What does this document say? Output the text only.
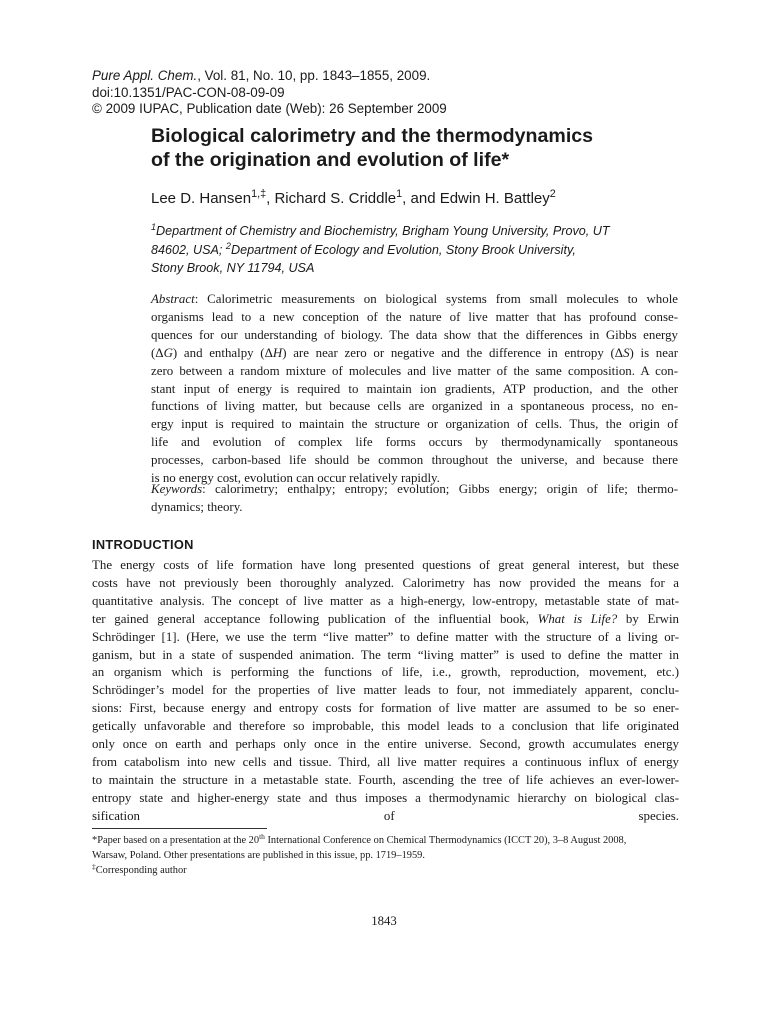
Pure Appl. Chem., Vol. 81, No. 10, pp. 1843–1855, 2009.
doi:10.1351/PAC-CON-08-09-09
© 2009 IUPAC, Publication date (Web): 26 September 2009
Biological calorimetry and the thermodynamics
of the origination and evolution of life*
Lee D. Hansen$^{1,\ddagger}$, Richard S. Criddle$^1$, and Edwin H. Battley$^2$
$^1$Department of Chemistry and Biochemistry, Brigham Young University, Provo, UT
84602, USA; $^2$Department of Ecology and Evolution, Stony Brook University,
Stony Brook, NY 11794, USA
Abstract: Calorimetric measurements on biological systems from small molecules to whole
organisms lead to a new conception of the nature of live matter that has profound conse-
quences for our understanding of biology. The data show that the differences in Gibbs energy
(ΔG) and enthalpy (ΔH) are near zero or negative and the difference in entropy (ΔS) is near
zero between a random mixture of molecules and live matter of the same composition. A con-
stant input of energy is required to maintain ion gradients, ATP production, and the other
functions of living matter, but because cells are organized in a spontaneous process, no en-
ergy input is required to maintain the structure or organization of cells. Thus, the origin of
life and evolution of complex life forms occurs by thermodynamically spontaneous
processes, carbon-based life should be common throughout the universe, and because there
is no energy cost, evolution can occur relatively rapidly.
Keywords: calorimetry; enthalpy; entropy; evolution; Gibbs energy; origin of life; thermo-
dynamics; theory.
INTRODUCTION
The energy costs of life formation have long presented questions of great general interest, but these
costs have not previously been thoroughly analyzed. Calorimetry has now provided the means for a
quantitative analysis. The concept of live matter as a high-energy, low-entropy, metastable state of mat-
ter gained general acceptance following publication of the influential book, What is Life? by Erwin
Schrödinger [1]. (Here, we use the term “live matter” to define matter with the structure of a living or-
ganism, but in a state of suspended animation. The term “living matter” is used to define the matter in
an organism which is performing the functions of life, i.e., growth, reproduction, movement, etc.)
Schrödinger’s model for the properties of live matter leads to four, not immediately apparent, conclu-
sions: First, because energy and entropy costs for formation of live matter are assumed to be so ener-
getically unfavorable and therefore so improbable, this model leads to a conclusion that life originated
only once on earth and perhaps only once in the entire universe. Second, growth accumulates energy
from catabolism into new cells and tissue. Third, all live matter requires a continuous influx of energy
to maintain the structure in a metastable state. Fourth, ascending the tree of life achieves an ever-lower-
entropy state and higher-energy state and thus imposes a thermodynamic hierarchy on biological clas-
sification of species.
*Paper based on a presentation at the 20th International Conference on Chemical Thermodynamics (ICCT 20), 3–8 August 2008,
Warsaw, Poland. Other presentations are published in this issue, pp. 1719–1959.
‡Corresponding author
1843
